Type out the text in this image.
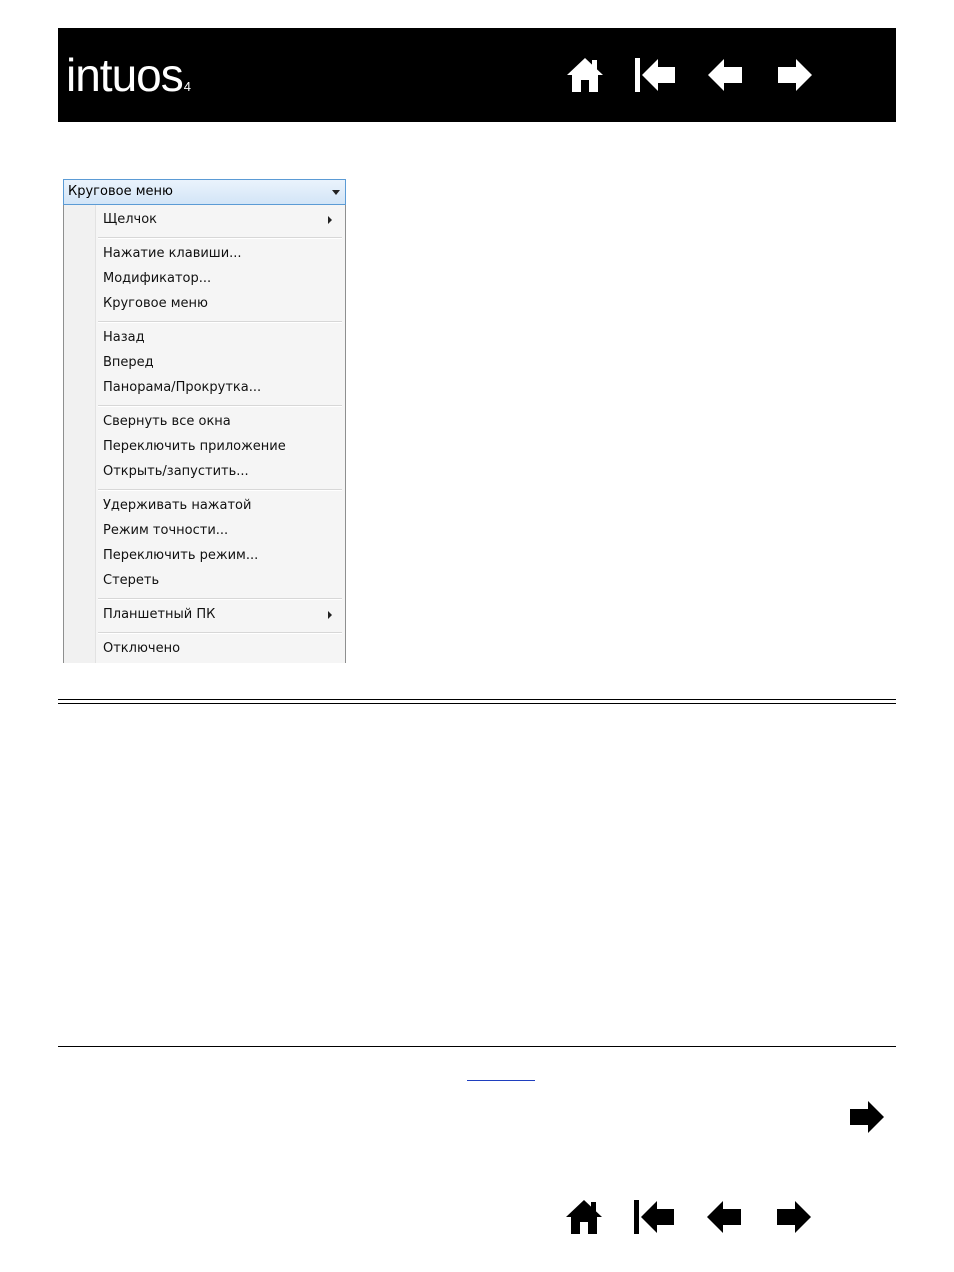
intuos4
Щелчок
Нажатие клавиши...
Модификатор...
Круговое меню
Назад
Вперед
Панорама/Прокрутка...
Свернуть все окна
Переключить приложение
Открыть/запустить...
Удерживать нажатой
Режим точности...
Переключить режим...
Стереть
Планшетный ПК
Отключено
Круговое меню
